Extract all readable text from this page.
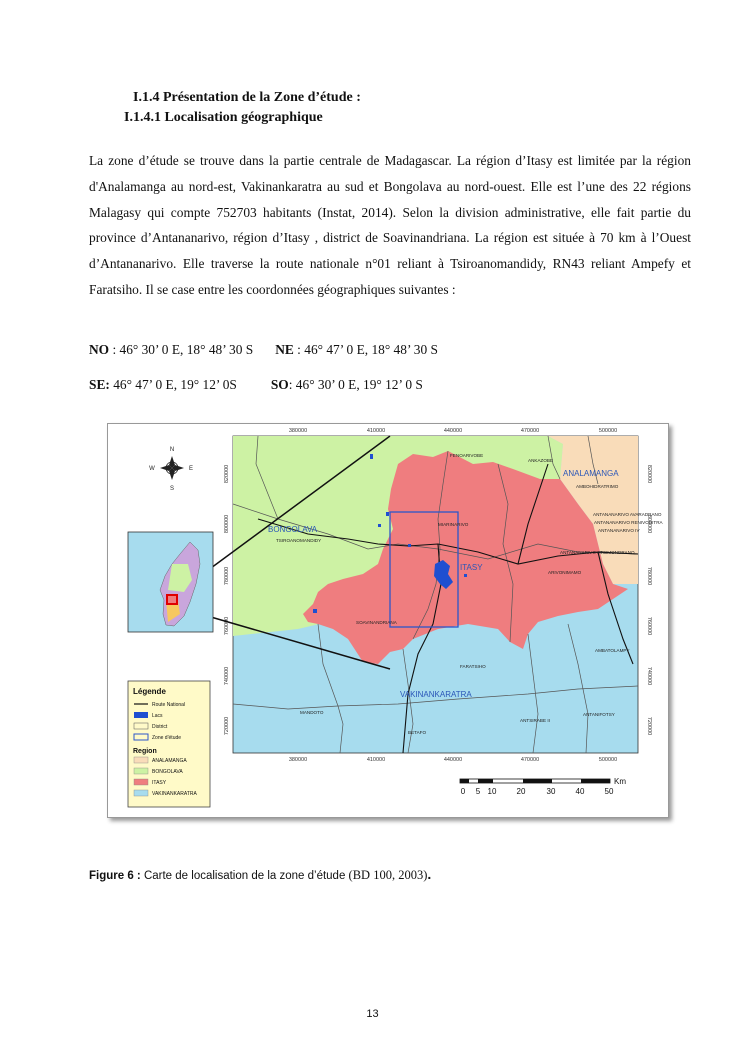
I.1.4 Présentation de la Zone d’étude :
I.1.4.1 Localisation géographique
La zone d’étude se trouve dans la partie centrale de Madagascar. La région d’Itasy est limitée par la région d'Analamanga au nord-est, Vakinankaratra au sud et Bongolava au nord-ouest. Elle est l’une des 22 régions Malagasy qui compte 752703 habitants (Instat, 2014). Selon la division administrative, elle fait partie du province d’Antananarivo, région d’Itasy , district de Soavinandriana. La région est située à 70 km à l’Ouest d’Antananarivo. Elle traverse la route nationale n°01 reliant à Tsiroanomandidy, RN43 reliant Ampefy et Faratsiho. Il se case entre les coordonnées géographiques suivantes :
NO : 46° 30’ 0 E, 18° 48’ 30 S NE : 46° 47’ 0 E, 18° 48’ 30 S
SE: 46° 47’ 0 E, 19° 12’ 0S	SO: 46° 30’ 0 E, 19° 12’ 0 S
380000	410000	440000	470000	500000
380000	410000	440000	470000	500000
820000
800000
780000
760000
740000
720000
820000
800000
780000
760000
740000
720000
ANALAMANGA
BONGOLAVA
ITASY
VAKINANKARATRA
FENOARIVOBE
ANKAZOBE
AMBOHIDRATRIMO
ANTANANARIVO AVARADRANO
ANTANANARIVO RENIVOHITRA
ANTANANARIVO IV
ANTANANARIVO-ATSIMONDRANO
MIARINARIVO
TSIROANOMANDIDY
ARIVONIMAMO
SOAVINANDRIANA
AMBATOLAMPY
FARATSIHO
MANDOTO
BETAFO
ANTSIRABE II
ANTANIFOTSY
N
S
W	E
Légende
Route National
Lacs
District
Zone d'étude
Region
ANALAMANGA
BONGOLAVA
ITASY
VAKINANKARATRA
Km
0 5 10	20	30	40	50
Figure 6 : Carte de localisation de la zone d’étude (BD 100, 2003).
13
